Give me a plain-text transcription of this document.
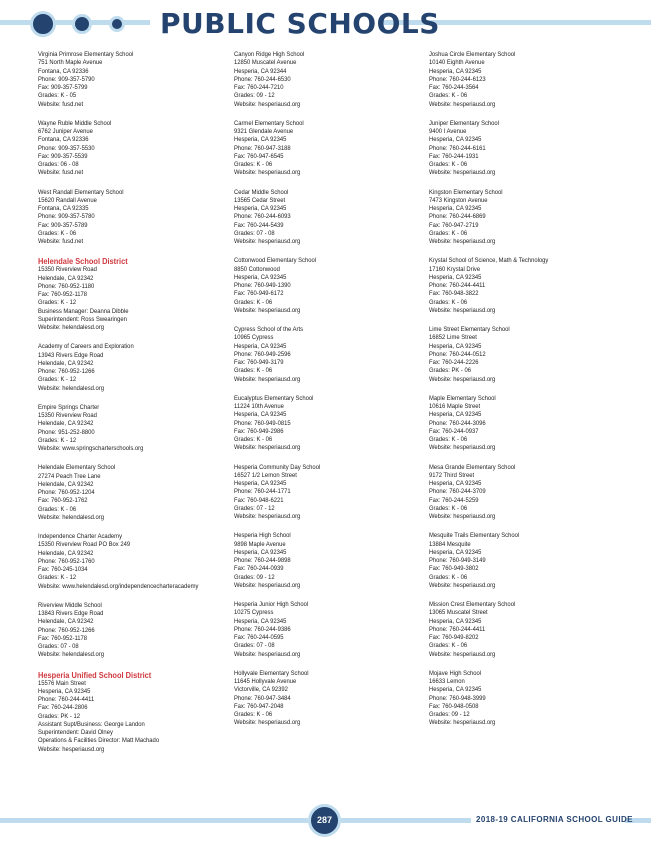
PUBLIC SCHOOLS
Virginia Primrose Elementary School
751 North Maple Avenue
Fontana, CA 92336
Phone: 909-357-5790
Fax: 909-357-5799
Grades: K - 05
Website: fusd.net
Wayne Ruble Middle School
6762 Juniper Avenue
Fontana, CA 92336
Phone: 909-357-5530
Fax: 909-357-5539
Grades: 06 - 08
Website: fusd.net
West Randall Elementary School
15620 Randall Avenue
Fontana, CA 92335
Phone: 909-357-5780
Fax: 909-357-5789
Grades: K - 06
Website: fusd.net
Helendale School District
15350 Riverview Road
Helendale, CA 92342
Phone: 760-952-1180
Fax: 760-952-1178
Grades: K - 12
Business Manager: Deanna Dibble
Superintendent: Ross Swearingen
Website: helendalesd.org
Academy of Careers and Exploration
13943 Rivers Edge Road
Helendale, CA 92342
Phone: 760-952-1266
Grades: K - 12
Website: helendalesd.org
Empire Springs Charter
15350 Riverview Road
Helendale, CA 92342
Phone: 951-252-8800
Grades: K - 12
Website: www.springscharterschools.org
Helendale Elementary School
27274 Peach Tree Lane
Helendale, CA 92342
Phone: 760-952-1204
Fax: 760-952-1762
Grades: K - 06
Website: helendalesd.org
Independence Charter Academy
15350 Riverview Road PO Box 249
Helendale, CA 92342
Phone: 760-952-1760
Fax: 760-245-1034
Grades: K - 12
Website: www.helendalesd.org/independencecharteracademy
Riverview Middle School
13843 Rivers Edge Road
Helendale, CA 92342
Phone: 760-952-1266
Fax: 760-952-1178
Grades: 07 - 08
Website: helendalesd.org
Hesperia Unified School District
15576 Main Street
Hesperia, CA 92345
Phone: 760-244-4411
Fax: 760-244-2806
Grades: PK - 12
Assistant Supt/Business: George Landon
Superintendent: David Olney
Operations & Facilities Director: Matt Machado
Website: hesperiausd.org
Canyon Ridge High School
12850 Muscatel Avenue
Hesperia, CA 92344
Phone: 760-244-6530
Fax: 760-244-7210
Grades: 09 - 12
Website: hesperiausd.org
Carmel Elementary School
9321 Glendale Avenue
Hesperia, CA 92345
Phone: 760-947-3188
Fax: 760-947-6545
Grades: K - 06
Website: hesperiausd.org
Cedar Middle School
13565 Cedar Street
Hesperia, CA 92345
Phone: 760-244-6093
Fax: 760-244-5439
Grades: 07 - 08
Website: hesperiausd.org
Cottonwood Elementary School
8850 Cottonwood
Hesperia, CA 92345
Phone: 760-949-1390
Fax: 760-949-6172
Grades: K - 06
Website: hesperiausd.org
Cypress School of the Arts
10965 Cypress
Hesperia, CA 92345
Phone: 760-949-2596
Fax: 760-949-3179
Grades: K - 06
Website: hesperiausd.org
Eucalyptus Elementary School
11224 10th Avenue
Hesperia, CA 92345
Phone: 760-949-0815
Fax: 760-949-2986
Grades: K - 06
Website: hesperiausd.org
Hesperia Community Day School
16527 1/2 Lemon Street
Hesperia, CA 92345
Phone: 760-244-1771
Fax: 760-948-6221
Grades: 07 - 12
Website: hesperiausd.org
Hesperia High School
9898 Maple Avenue
Hesperia, CA 92345
Phone: 760-244-9898
Fax: 760-244-0939
Grades: 09 - 12
Website: hesperiausd.org
Hesperia Junior High School
10275 Cypress
Hesperia, CA 92345
Phone: 760-244-9386
Fax: 760-244-0595
Grades: 07 - 08
Website: hesperiausd.org
Hollyvale Elementary School
11645 Hollyvale Avenue
Victorville, CA 92392
Phone: 760-947-3484
Fax: 760-947-2048
Grades: K - 06
Website: hesperiausd.org
Joshua Circle Elementary School
10140 Eighth Avenue
Hesperia, CA 92345
Phone: 760-244-6123
Fax: 760-244-3564
Grades: K - 06
Website: hesperiausd.org
Juniper Elementary School
9400 I Avenue
Hesperia, CA 92345
Phone: 760-244-6161
Fax: 760-244-1931
Grades: K - 06
Website: hesperiausd.org
Kingston Elementary School
7473 Kingston Avenue
Hesperia, CA 92345
Phone: 760-244-6869
Fax: 760-947-2719
Grades: K - 06
Website: hesperiausd.org
Krystal School of Science, Math & Technology
17160 Krystal Drive
Hesperia, CA 92345
Phone: 760-244-4411
Fax: 760-948-3822
Grades: K - 06
Website: hesperiausd.org
Lime Street Elementary School
16852 Lime Street
Hesperia, CA 92345
Phone: 760-244-0512
Fax: 760-244-2226
Grades: PK - 06
Website: hesperiausd.org
Maple Elementary School
10616 Maple Street
Hesperia, CA 92345
Phone: 760-244-3096
Fax: 760-244-0937
Grades: K - 06
Website: hesperiausd.org
Mesa Grande Elementary School
9172 Third Street
Hesperia, CA 92345
Phone: 760-244-3709
Fax: 760-244-5259
Grades: K - 06
Website: hesperiausd.org
Mesquite Trails Elementary School
13884 Mesquite
Hesperia, CA 92345
Phone: 760-949-3149
Fax: 760-949-3802
Grades: K - 06
Website: hesperiausd.org
Mission Crest Elementary School
13065 Muscatel Street
Hesperia, CA 92345
Phone: 760-244-4411
Fax: 760-949-8202
Grades: K - 06
Website: hesperiausd.org
Mojave High School
16633 Lemon
Hesperia, CA 92345
Phone: 760-948-3999
Fax: 760-948-0508
Grades: 09 - 12
Website: hesperiausd.org
287	2018-19 CALIFORNIA SCHOOL GUIDE
